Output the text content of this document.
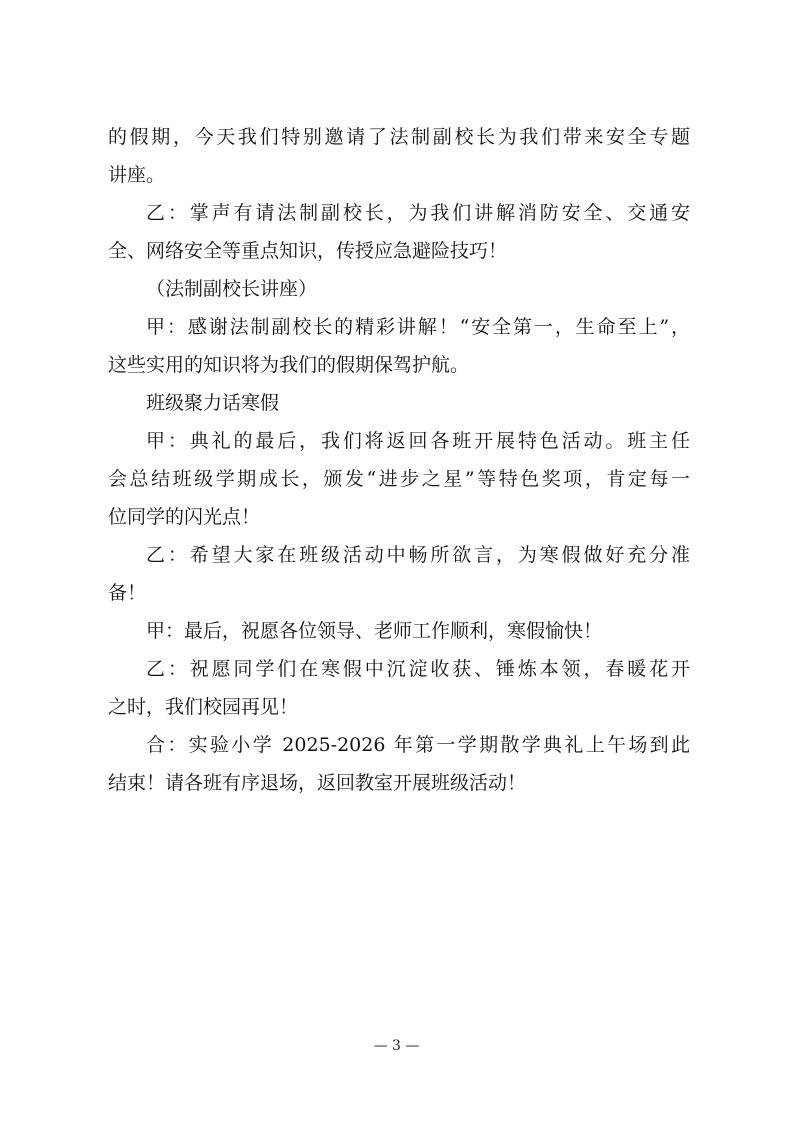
的假期，今天我们特别邀请了法制副校长为我们带来安全专题
讲座。
乙：掌声有请法制副校长，为我们讲解消防安全、交通安
全、网络安全等重点知识，传授应急避险技巧！
（法制副校长讲座）
甲：感谢法制副校长的精彩讲解！“安全第一，生命至上”，
这些实用的知识将为我们的假期保驾护航。
班级聚力话寒假
甲：典礼的最后，我们将返回各班开展特色活动。班主任
会总结班级学期成长，颁发“进步之星”等特色奖项，肯定每一
位同学的闪光点！
乙：希望大家在班级活动中畅所欲言，为寒假做好充分准
备！
甲：最后，祝愿各位领导、老师工作顺利，寒假愉快！
乙：祝愿同学们在寒假中沉淀收获、锤炼本领，春暖花开
之时，我们校园再见！
合：实验小学 2025-2026 年第一学期散学典礼上午场到此
结束！请各班有序退场，返回教室开展班级活动！
— 3 —
